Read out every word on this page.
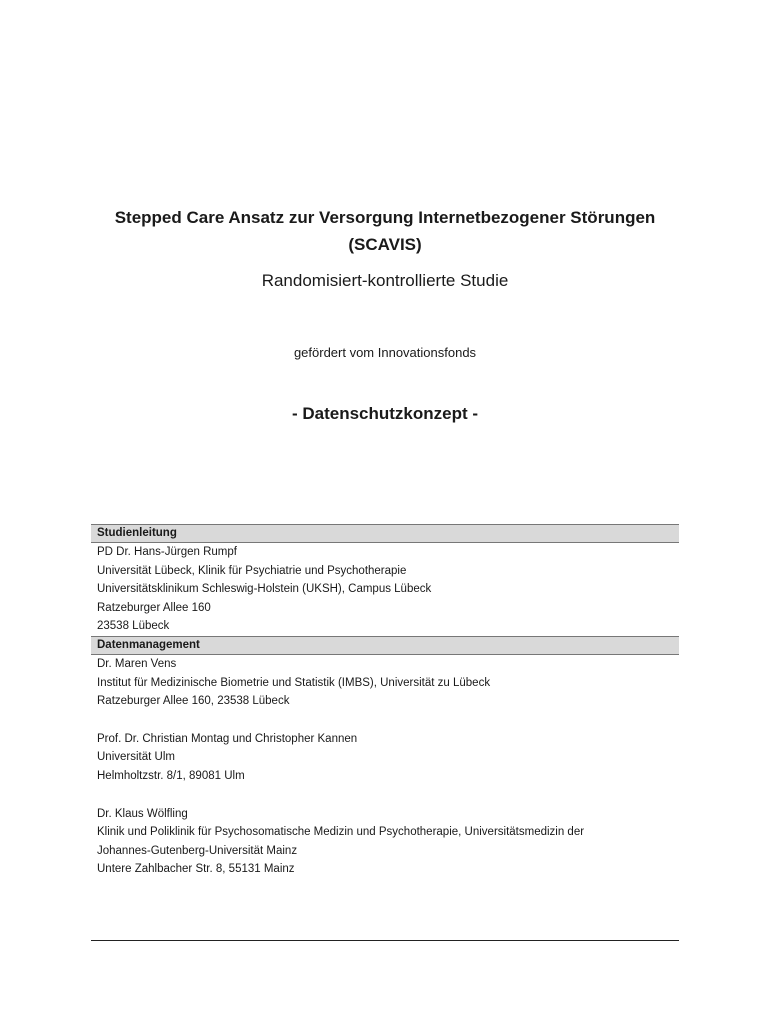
Stepped Care Ansatz zur Versorgung Internetbezogener Störungen
(SCAVIS)
Randomisiert-kontrollierte Studie
gefördert vom Innovationsfonds
- Datenschutzkonzept -
Studienleitung
PD Dr. Hans-Jürgen Rumpf
Universität Lübeck, Klinik für Psychiatrie und Psychotherapie
Universitätsklinikum Schleswig-Holstein (UKSH), Campus Lübeck
Ratzeburger Allee 160
23538 Lübeck
Datenmanagement
Dr. Maren Vens
Institut für Medizinische Biometrie und Statistik (IMBS), Universität zu Lübeck
Ratzeburger Allee 160, 23538 Lübeck
Prof. Dr. Christian Montag und Christopher Kannen
Universität Ulm
Helmholtzstr. 8/1, 89081 Ulm
Dr. Klaus Wölfling
Klinik und Poliklinik für Psychosomatische Medizin und Psychotherapie, Universitätsmedizin der
Johannes-Gutenberg-Universität Mainz
Untere Zahlbacher Str. 8, 55131 Mainz
